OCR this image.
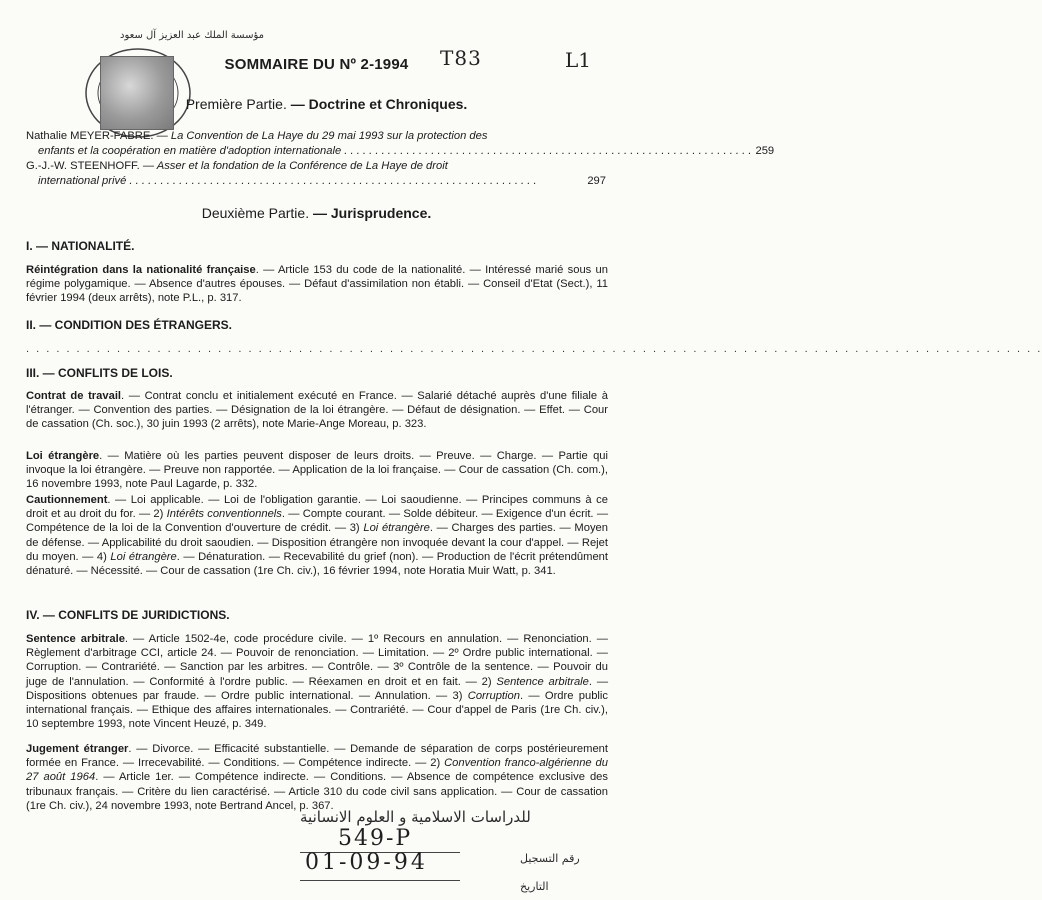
مؤسسة الملك عبد العزيز آل سعود
SOMMAIRE DU Nº 2-1994	T83	L1
Première Partie. — Doctrine et Chroniques.
Nathalie MEYER-FABRE. — La Convention de La Haye du 29 mai 1993 sur la protection des
enfants et la coopération en matière d'adoption internationale . . .	259
G.-J.-W. STEENHOFF. — Asser et la fondation de la Conférence de La Haye de droit
international privé . . .	297
Deuxième Partie. — Jurisprudence.
I. — NATIONALITÉ.
Réintégration dans la nationalité française. — Article 153 du code de la nationalité. — Intéressé marié sous un régime polygamique. — Absence d'autres épouses. — Défaut d'assimilation non établi. — Conseil d'Etat (Sect.), 11 février 1994 (deux arrêts), note P.L., p. 317.
II. — CONDITION DES ÉTRANGERS.
. . . . . . . . . . . . . . . . . . . . . . . . . . . . . . . . . . . . . . . . . . . . . . . . . . . . . . . . . . . . . . . . . . . . . . . . . . . . . . . . . . . . . . . . . . . . . . . . . . . . .
III. — CONFLITS DE LOIS.
Contrat de travail. — Contrat conclu et initialement exécuté en France. — Salarié détaché auprès d'une filiale à l'étranger. — Convention des parties. — Désignation de la loi étrangère. — Défaut de désignation. — Effet. — Cour de cassation (Ch. soc.), 30 juin 1993 (2 arrêts), note Marie-Ange Moreau, p. 323.
Loi étrangère. — Matière où les parties peuvent disposer de leurs droits. — Preuve. — Charge. — Partie qui invoque la loi étrangère. — Preuve non rapportée. — Application de la loi française. — Cour de cassation (Ch. com.), 16 novembre 1993, note Paul Lagarde, p. 332.
Cautionnement. — Loi applicable. — Loi de l'obligation garantie. — Loi saoudienne. — Principes communs à ce droit et au droit du for. — 2) Intérêts conventionnels. — Compte courant. — Solde débiteur. — Exigence d'un écrit. — Compétence de la loi de la Convention d'ouverture de crédit. — 3) Loi étrangère. — Charges des parties. — Moyen de défense. — Applicabilité du droit saoudien. — Disposition étrangère non invoquée devant la cour d'appel. — Rejet du moyen. — 4) Loi étrangère. — Dénaturation. — Recevabilité du grief (non). — Production de l'écrit prétendûment dénaturé. — Nécessité. — Cour de cassation (1re Ch. civ.), 16 février 1994, note Horatia Muir Watt, p. 341.
IV. — CONFLITS DE JURIDICTIONS.
Sentence arbitrale. — Article 1502-4e, code procédure civile. — 1º Recours en annulation. — Renonciation. — Règlement d'arbitrage CCI, article 24. — Pouvoir de renonciation. — Limitation. — 2º Ordre public international. — Corruption. — Contrariété. — Sanction par les arbitres. — Contrôle. — 3º Contrôle de la sentence. — Pouvoir du juge de l'annulation. — Conformité à l'ordre public. — Réexamen en droit et en fait. — 2) Sentence arbitrale. — Dispositions obtenues par fraude. — Ordre public international. — Annulation. — 3) Corruption. — Ordre public international français. — Ethique des affaires internationales. — Contrariété. — Cour d'appel de Paris (1re Ch. civ.), 10 septembre 1993, note Vincent Heuzé, p. 349.
Jugement étranger. — Divorce. — Efficacité substantielle. — Demande de séparation de corps postérieurement formée en France. — Irrecevabilité. — Conditions. — Compétence indirecte. — 2) Convention franco-algérienne du 27 août 1964. — Article 1er. — Compétence indirecte. — Conditions. — Absence de compétence exclusive des tribunaux français. — Critère du lien caractérisé. — Article 310 du code civil sans application. — Cour de cassation (1re Ch. civ.), 24 novembre 1993, note Bertrand Ancel, p. 367.
للدراسات الاسلامية و العلوم الانسانية
549-P
رقم التسجيل
01-09-94
التاريخ
